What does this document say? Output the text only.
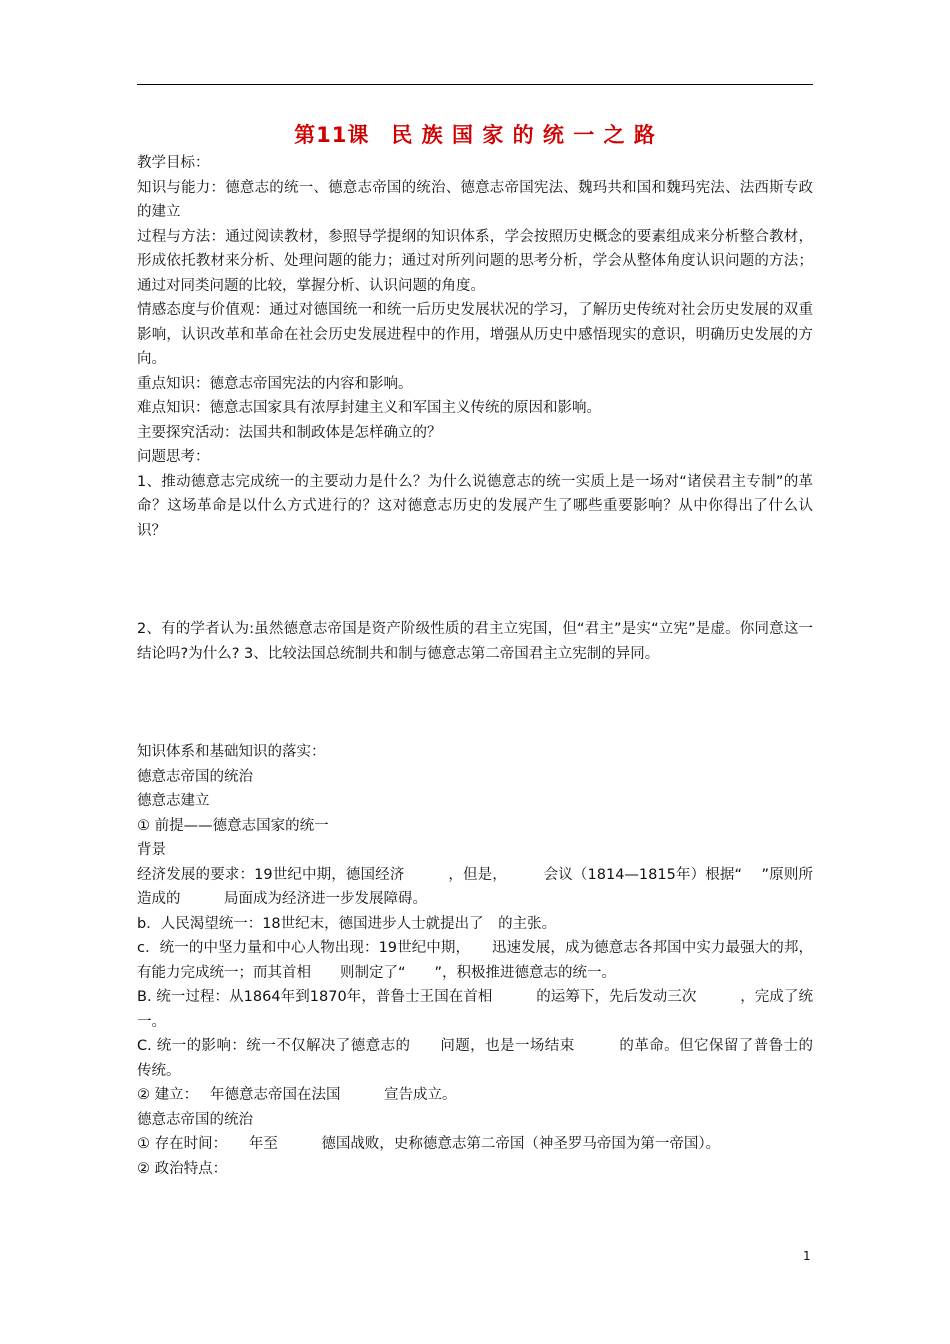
第11课　民 族 国 家 的 统 一 之 路

教学目标：

知识与能力：德意志的统一、德意志帝国的统治、德意志帝国宪法、魏玛共和国和魏玛宪法、法西斯专政的建立

过程与方法：通过阅读教材，参照导学提纲的知识体系，学会按照历史概念的要素组成来分析整合教材，形成依托教材来分析、处理问题的能力；通过对所列问题的思考分析，学会从整体角度认识问题的方法；通过对同类问题的比较，掌握分析、认识问题的角度。

情感态度与价值观：通过对德国统一和统一后历史发展状况的学习，了解历史传统对社会历史发展的双重影响，认识改革和革命在社会历史发展进程中的作用，增强从历史中感悟现实的意识，明确历史发展的方向。

重点知识：德意志帝国宪法的内容和影响。

难点知识：德意志国家具有浓厚封建主义和军国主义传统的原因和影响。

主要探究活动：法国共和制政体是怎样确立的？

问题思考：

1、推动德意志完成统一的主要动力是什么？为什么说德意志的统一实质上是一场对“诸侯君主专制”的革命？这场革命是以什么方式进行的？这对德意志历史的发展产生了哪些重要影响？从中你得出了什么认识？

2、有的学者认为:虽然德意志帝国是资产阶级性质的君主立宪国，但“君主”是实“立宪”是虚。你同意这一结论吗?为什么? 3、比较法国总统制共和制与德意志第二帝国君主立宪制的异同。

知识体系和基础知识的落实：

德意志帝国的统治

德意志建立

① 前提——德意志国家的统一

背景

经济发展的要求：19世纪中期，德国经济　　　，但是，　　　会议（1814—1815年）根据“　 ”原则所造成的　　　局面成为经济进一步发展障碍。

b．人民渴望统一：18世纪末，德国进步人士就提出了　的主张。

c．统一的中坚力量和中心人物出现：19世纪中期，　　迅速发展，成为德意志各邦国中实力最强大的邦，有能力完成统一；而其首相　　则制定了“　　”，积极推进德意志的统一。

B. 统一过程：从1864年到1870年，普鲁士王国在首相　　　的运筹下，先后发动三次　　　，完成了统一。

C. 统一的影响：统一不仅解决了德意志的　　问题，也是一场结束　　　的革命。但它保留了普鲁士的　　　传统。

② 建立：　 年德意志帝国在法国　　　宣告成立。

德意志帝国的统治

① 存在时间：　　年至　　　德国战败，史称德意志第二帝国（神圣罗马帝国为第一帝国）。

② 政治特点：

1
